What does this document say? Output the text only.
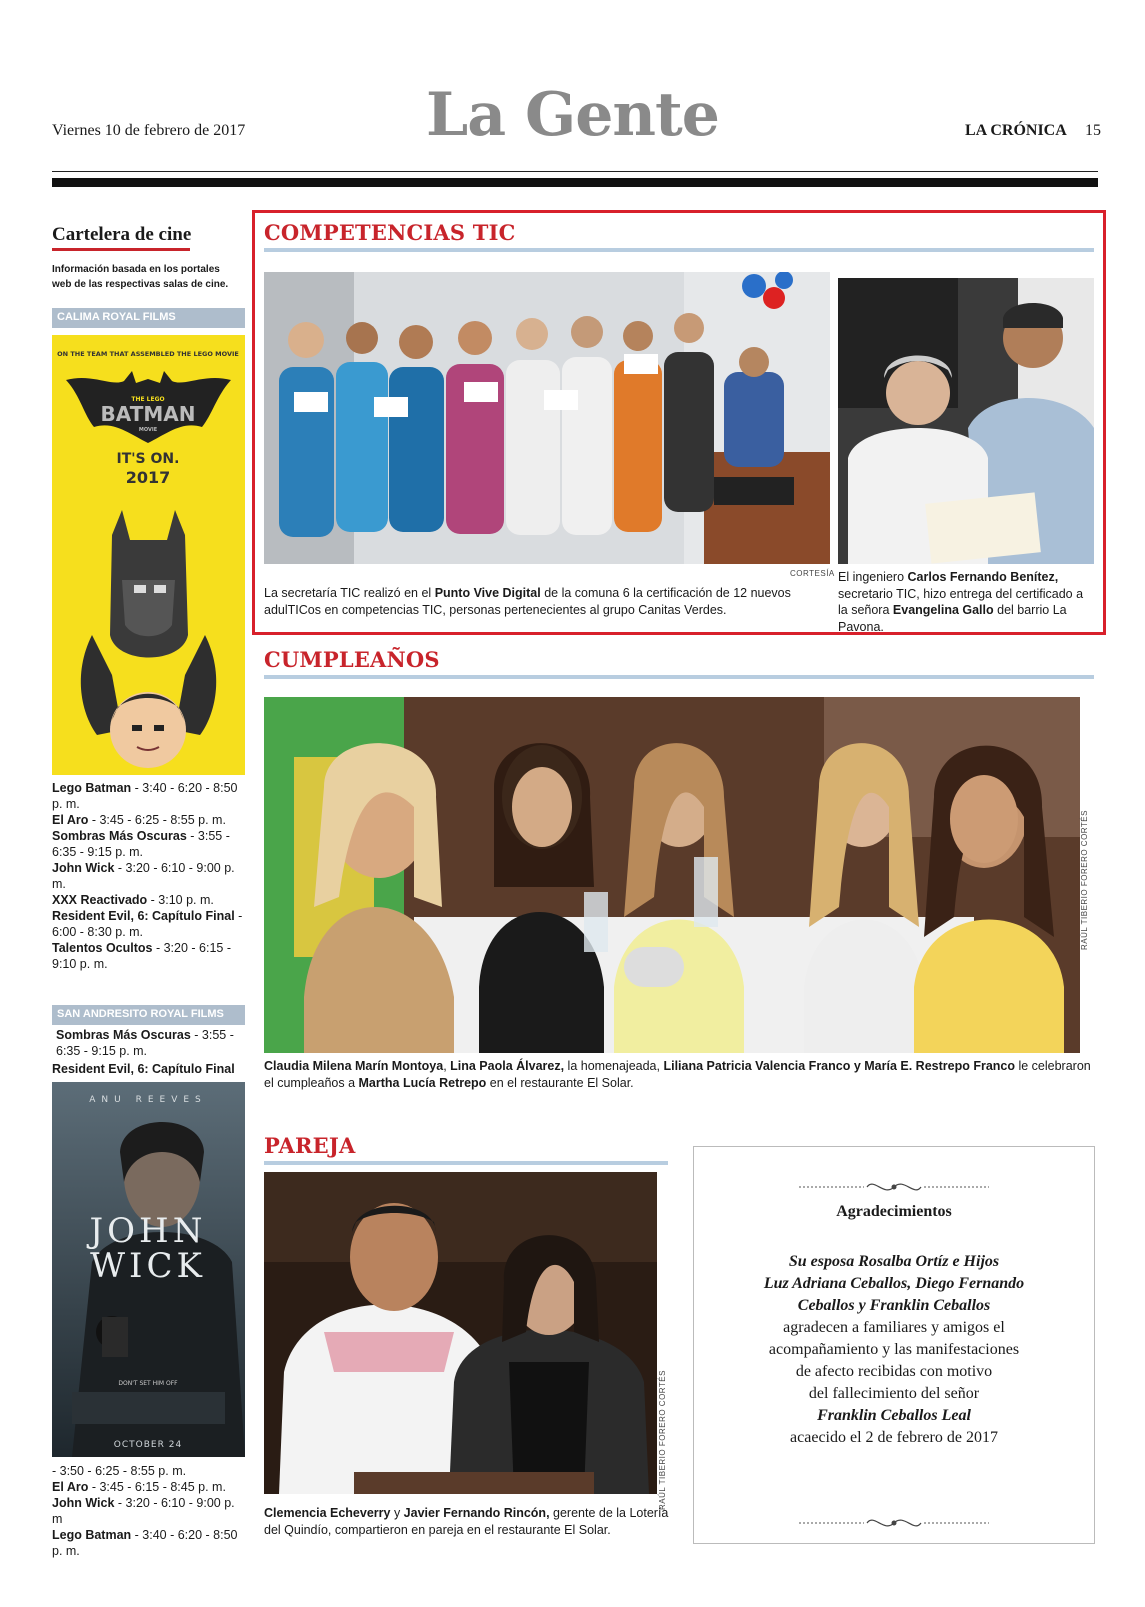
Viernes 10 de febrero de 2017	La Gente	LA CRÓNICA 15
Cartelera de cine
Información basada en los portales web de las respectivas salas de cine.
CALIMA ROYAL FILMS
ON THE TEAM THAT ASSEMBLED THE LEGO MOVIE
THE LEGO
BATMAN
MOVIE
IT'S ON.
2017
Lego Batman - 3:40 - 6:20 - 8:50 p. m.
El Aro - 3:45 - 6:25 - 8:55 p. m.
Sombras Más Oscuras - 3:55 - 6:35 - 9:15 p. m.
John Wick - 3:20 - 6:10 - 9:00 p. m.
XXX Reactivado - 3:10 p. m.
Resident Evil, 6: Capítulo Final - 6:00 - 8:30 p. m.
Talentos Ocultos - 3:20 - 6:15 - 9:10 p. m.
SAN ANDRESITO ROYAL FILMS
Sombras Más Oscuras - 3:55 - 6:35 - 9:15 p. m.
Resident Evil, 6: Capítulo Final
ANU REEVES
JOHN
WICK
DON'T SET HIM OFF
OCTOBER 24
- 3:50 - 6:25 - 8:55 p. m.
El Aro - 3:45 - 6:15 - 8:45 p. m.
John Wick - 3:20 - 6:10 - 9:00 p. m
Lego Batman - 3:40 - 6:20 - 8:50 p. m.
COMPETENCIAS TIC
CORTESÍA
La secretaría TIC realizó en el Punto Vive Digital de la comuna 6 la certificación de 12 nuevos adulTICos en competencias TIC, personas pertenecientes al grupo Canitas Verdes.
El ingeniero Carlos Fernando Benítez, secretario TIC, hizo entrega del certificado a la señora Evangelina Gallo del barrio La Pavona.
CUMPLEAÑOS
RAÚL TIBERIO FORERO CORTÉS
Claudia Milena Marín Montoya, Lina Paola Álvarez, la homenajeada, Liliana Patricia Valencia Franco y María E. Restrepo Franco le celebraron el cumpleaños a Martha Lucía Retrepo en el restaurante El Solar.
PAREJA
RAÚL TIBERIO FORERO CORTÉS
Clemencia Echeverry y Javier Fernando Rincón, gerente de la Lotería del Quindío, compartieron en pareja en el restaurante El Solar.
Agradecimientos
Su esposa Rosalba Ortíz e Hijos
Luz Adriana Ceballos, Diego Fernando
Ceballos y Franklin Ceballos
agradecen a familiares y amigos el
acompañamiento y las manifestaciones
de afecto recibidas con motivo
del fallecimiento del señor
Franklin Ceballos Leal
acaecido el 2 de febrero de 2017
